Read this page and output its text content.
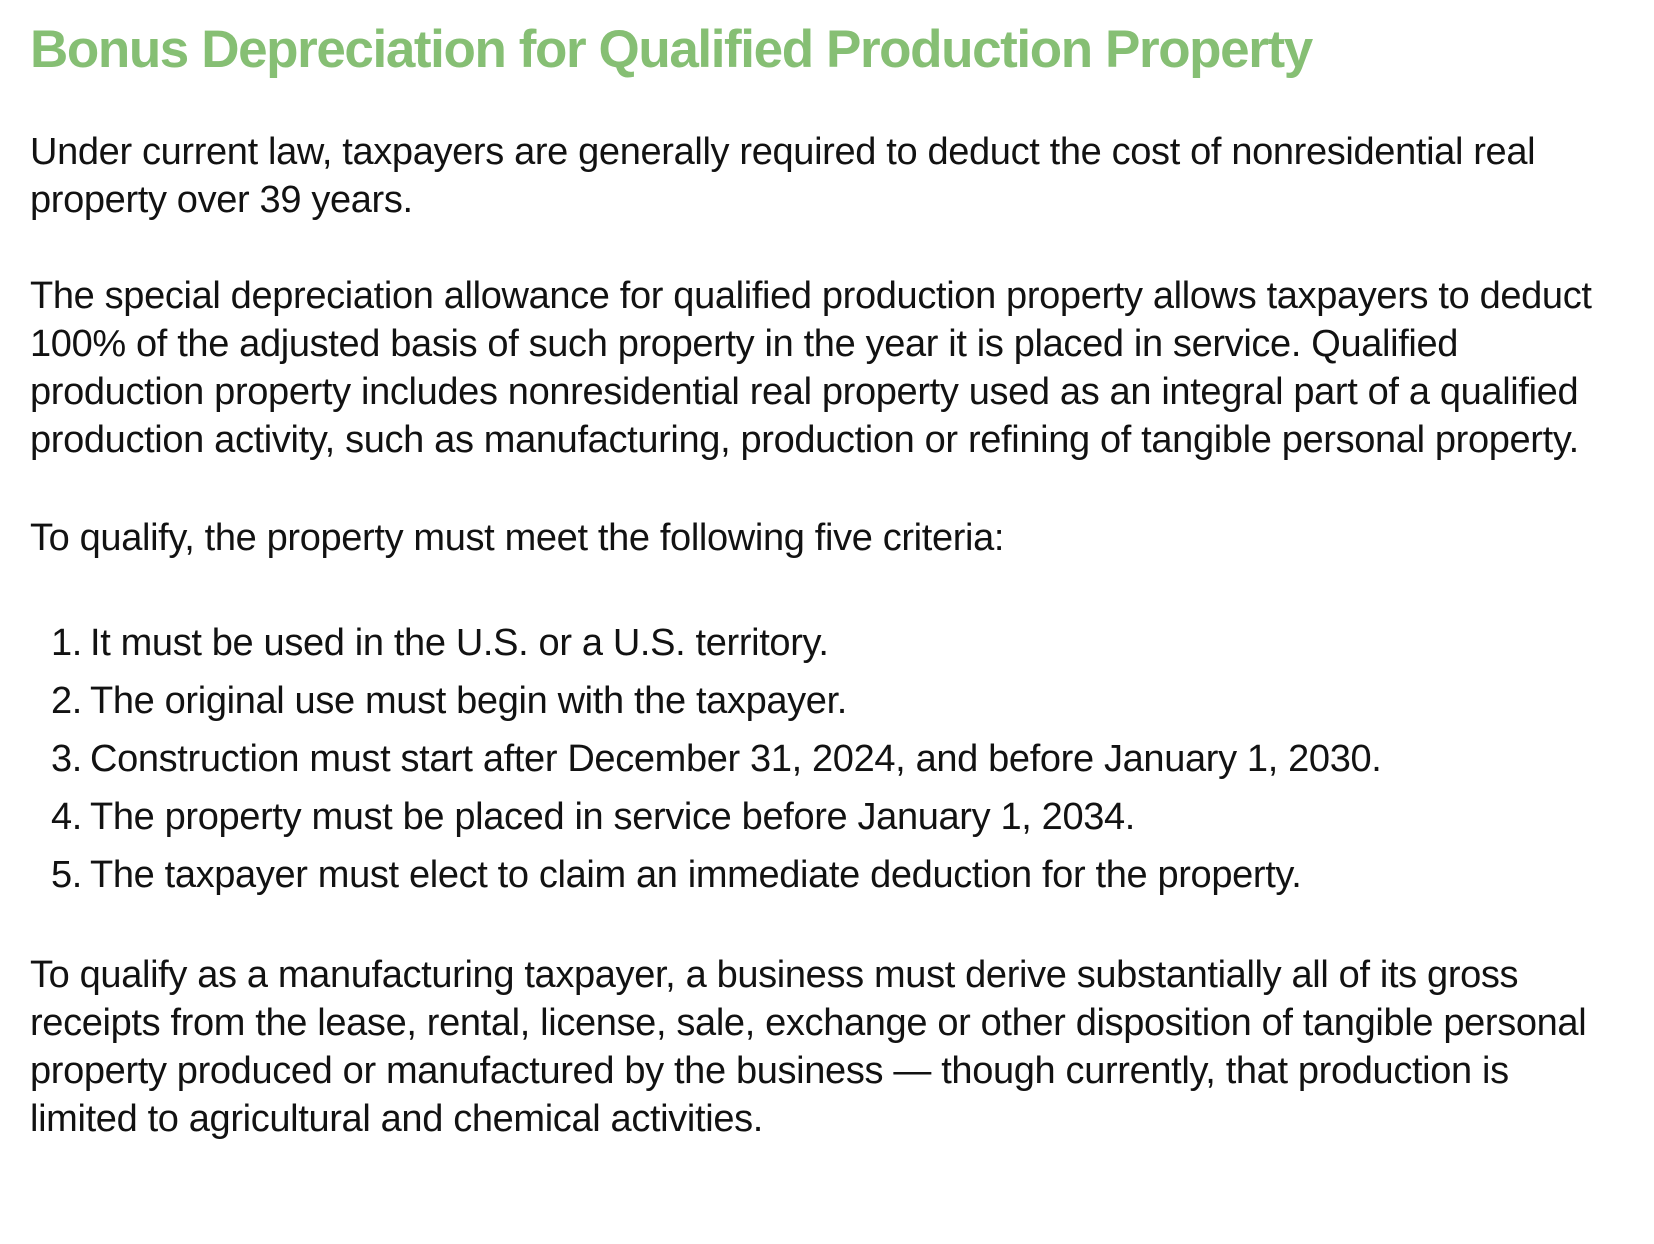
Bonus Depreciation for Qualified Production Property

Under current law, taxpayers are generally required to deduct the cost of nonresidential real property over 39 years.

The special depreciation allowance for qualified production property allows taxpayers to deduct 100% of the adjusted basis of such property in the year it is placed in service. Qualified production property includes nonresidential real property used as an integral part of a qualified production activity, such as manufacturing, production or refining of tangible personal property.

To qualify, the property must meet the following five criteria:

1. It must be used in the U.S. or a U.S. territory.
2. The original use must begin with the taxpayer.
3. Construction must start after December 31, 2024, and before January 1, 2030.
4. The property must be placed in service before January 1, 2034.
5. The taxpayer must elect to claim an immediate deduction for the property.

To qualify as a manufacturing taxpayer, a business must derive substantially all of its gross receipts from the lease, rental, license, sale, exchange or other disposition of tangible personal property produced or manufactured by the business — though currently, that production is limited to agricultural and chemical activities.
